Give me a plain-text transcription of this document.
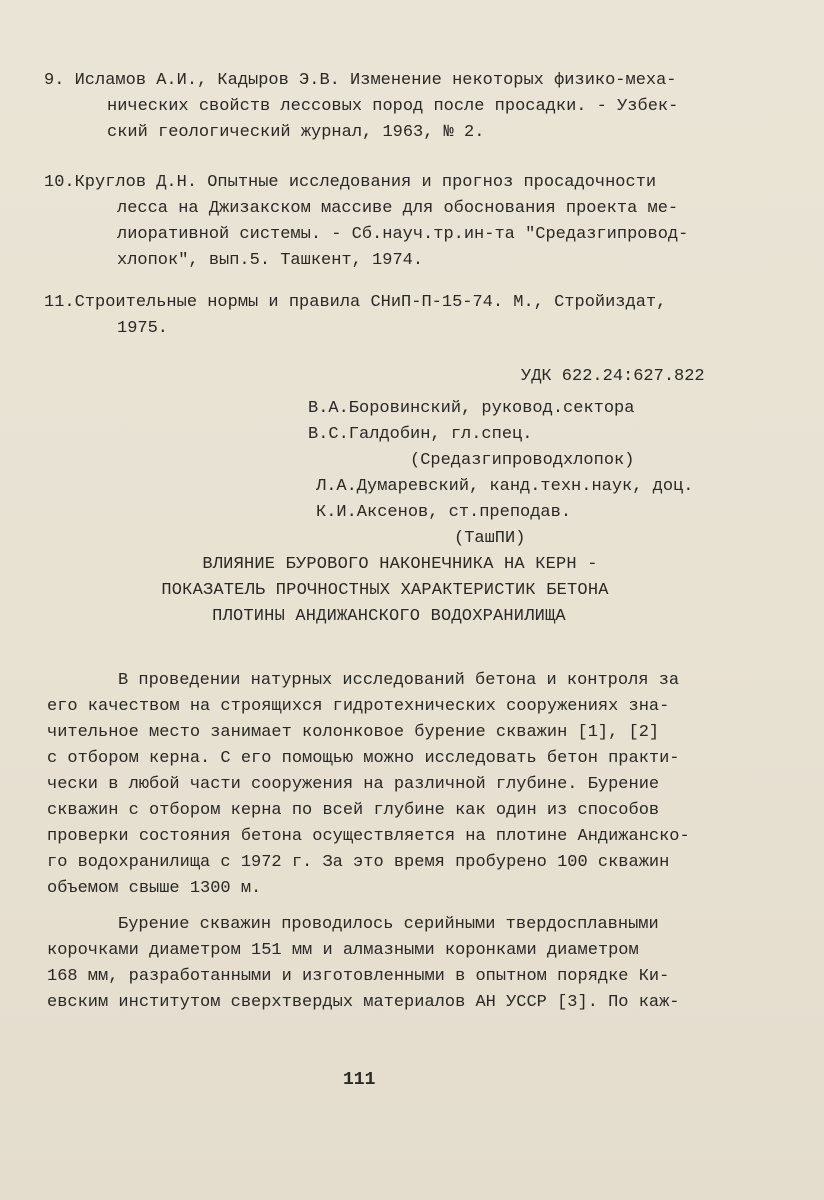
9. Исламов А.И., Кадыров Э.В. Изменение некоторых физико-меха-
ничеcких свойств лессовых пород после просадки. - Узбек-
ский геологический журнал, 1963, № 2.
10.Круглов Д.Н. Опытные исследования и прогноз просадочности
лесса на Джизакском массиве для обоснования проекта ме-
лиоративной системы. - Сб.науч.тр.ин-та "Средазгипровод-
хлопок", вып.5. Ташкент, 1974.
11.Строительные нормы и правила СНиП-П-15-74. М., Стройиздат,
1975.
УДК 622.24:627.822
В.А.Боровинский, руковод.сектора
В.С.Галдобин, гл.спец.
(Средазгипроводхлопок)
Л.А.Думаревский, канд.техн.наук, доц.
К.И.Аксенов, ст.преподав.
(ТашПИ)
ВЛИЯНИЕ БУРОВОГО НАКОНЕЧНИКА НА КЕРН -
ПОКАЗАТЕЛЬ ПРОЧНОСТНЫХ ХАРАКТЕРИСТИК БЕТОНА
ПЛОТИНЫ АНДИЖАНСКОГО ВОДОХРАНИЛИЩА
В проведении натурных исследований бетона и контроля за
его качеством на строящихся гидротехнических сооружениях зна-
чительное место занимает колонковое бурение скважин [1], [2]
с отбором керна. С его помощью можно исследовать бетон практи-
чески в любой части сооружения на различной глубине. Бурение
скважин с отбором керна по всей глубине как один из способов
проверки состояния бетона осуществляется на плотине Андижанско-
го водохранилища с 1972 г. За это время пробурено 100 скважин
объемом свыше 1300 м.
Бурение скважин проводилось серийными твердосплавными
корочками диаметром 151 мм и алмазными коронками диаметром
168 мм, разработанными и изготовленными в опытном порядке Ки-
евским институтом сверхтвердых материалов АН УССР [3]. По каж-
111
